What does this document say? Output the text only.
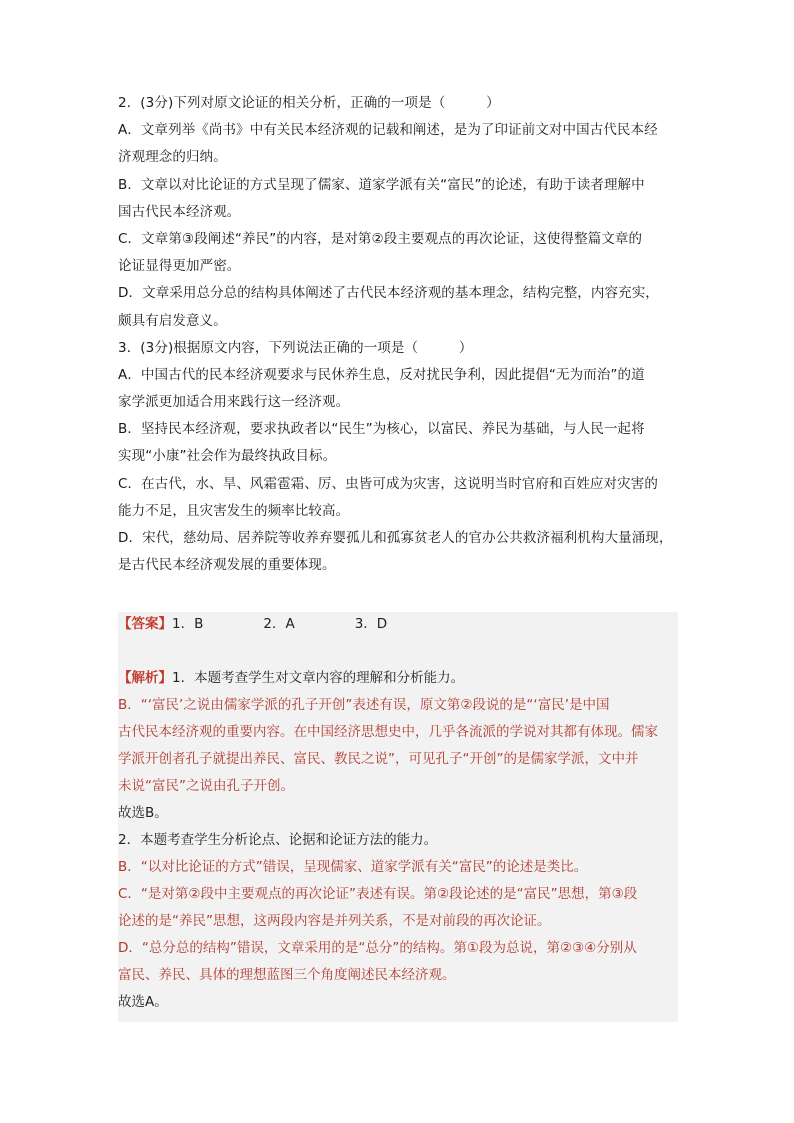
2．(3分)下列对原文论证的相关分析，正确的一项是（　　　）
A．文章列举《尚书》中有关民本经济观的记载和阐述，是为了印证前文对中国古代民本经
济观理念的归纳。
B．文章以对比论证的方式呈现了儒家、道家学派有关“富民”的论述，有助于读者理解中
国古代民本经济观。
C．文章第③段阐述“养民”的内容，是对第②段主要观点的再次论证，这使得整篇文章的
论证显得更加严密。
D．文章采用总分总的结构具体阐述了古代民本经济观的基本理念，结构完整，内容充实，
颇具有启发意义。
3．(3分)根据原文内容，下列说法正确的一项是（　　　）
A．中国古代的民本经济观要求与民休养生息，反对扰民争利，因此提倡“无为而治”的道
家学派更加适合用来践行这一经济观。
B．坚持民本经济观，要求执政者以“民生”为核心，以富民、养民为基础，与人民一起将
实现“小康”社会作为最终执政目标。
C．在古代，水、旱、风霜雹霜、厉、虫皆可成为灾害，这说明当时官府和百姓应对灾害的
能力不足，且灾害发生的频率比较高。
D．宋代，慈幼局、居养院等收养弃婴孤儿和孤寡贫老人的官办公共救济福利机构大量涌现，
是古代民本经济观发展的重要体现。
【答案】1．B	2．A	3．D
【解析】1．本题考查学生对文章内容的理解和分析能力。
B．“‘富民’之说由儒家学派的孔子开创”表述有误，原文第②段说的是“‘富民’是中国
古代民本经济观的重要内容。在中国经济思想史中，几乎各流派的学说对其都有体现。儒家
学派开创者孔子就提出养民、富民、教民之说”，可见孔子“开创”的是儒家学派，文中并
未说“富民”之说由孔子开创。
故选B。
2．本题考查学生分析论点、论据和论证方法的能力。
B．“以对比论证的方式”错误，呈现儒家、道家学派有关“富民”的论述是类比。
C．“是对第②段中主要观点的再次论证”表述有误。第②段论述的是“富民”思想，第③段
论述的是“养民”思想，这两段内容是并列关系，不是对前段的再次论证。
D．“总分总的结构”错误，文章采用的是“总分”的结构。第①段为总说，第②③④分别从
富民、养民、具体的理想蓝图三个角度阐述民本经济观。
故选A。
